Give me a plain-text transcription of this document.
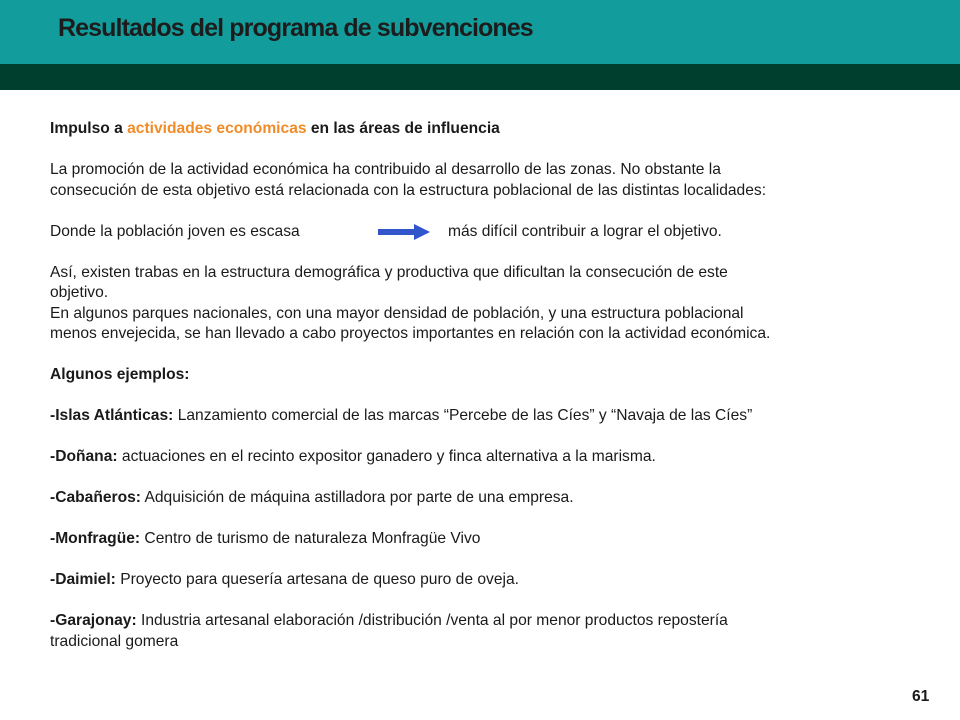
Resultados del programa de subvenciones

Impulso a actividades económicas en las áreas de influencia

La promoción de la actividad económica ha contribuido al desarrollo de las zonas. No obstante la

consecución de esta objetivo está relacionada con la estructura poblacional de las distintas localidades:

Donde la población joven es escasa	más difícil contribuir a lograr el objetivo.

Así, existen trabas en la estructura demográfica y productiva que dificultan la consecución de este

objetivo.

En algunos parques nacionales, con una mayor densidad de población, y una estructura poblacional

menos envejecida, se han llevado a cabo proyectos importantes en relación con la actividad económica.

Algunos ejemplos:

-Islas Atlánticas: Lanzamiento comercial de las marcas “Percebe de las Cíes” y “Navaja de las Cíes”

-Doñana: actuaciones en el recinto expositor ganadero y finca alternativa a la marisma.

-Cabañeros: Adquisición de máquina astilladora por parte de una empresa.

-Monfragüe: Centro de turismo de naturaleza Monfragüe Vivo

-Daimiel: Proyecto para quesería artesana de queso puro de oveja.

-Garajonay: Industria artesanal elaboración /distribución /venta al por menor productos repostería

tradicional gomera

61
